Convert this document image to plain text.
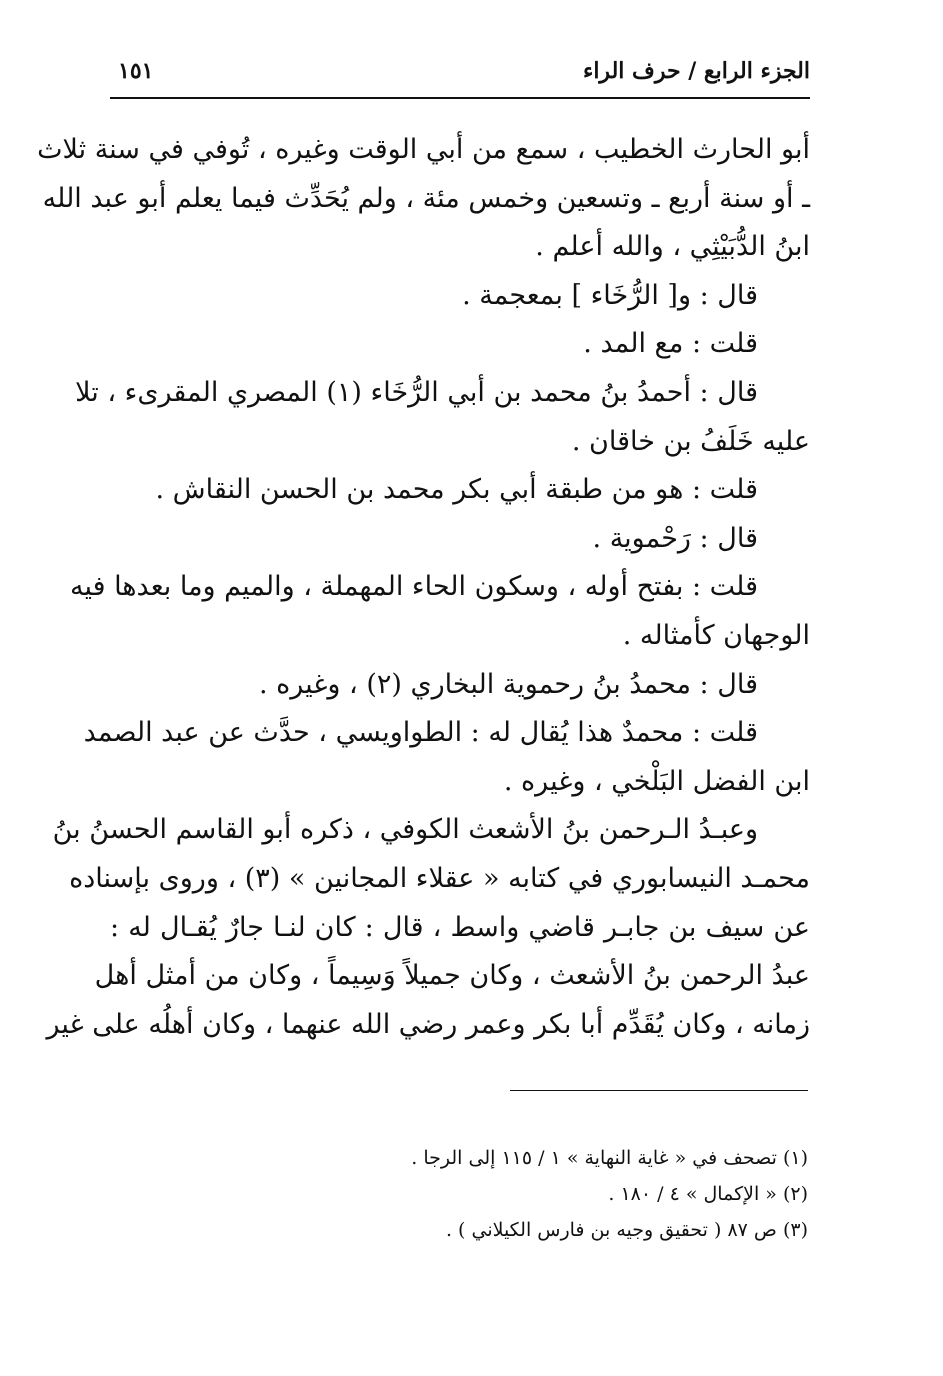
الجزء الرابع / حرف الراء
١٥١
أبو الحارث الخطيب ، سمع من أبي الوقت وغيره ، تُوفي في سنة ثلاث
ـ أو سنة أربع ـ وتسعين وخمس مئة ، ولم يُحَدِّث فيما يعلم أبو عبد الله
ابنُ الدُّبَيْثِي ، والله أعلم .
قال : و[ الرُّخَاء ] بمعجمة .
قلت : مع المد .
قال : أحمدُ بنُ محمد بن أبي الرُّخَاء (١) المصري المقرىء ، تلا
عليه خَلَفُ بن خاقان .
قلت : هو من طبقة أبي بكر محمد بن الحسن النقاش .
قال : رَحْموية .
قلت : بفتح أوله ، وسكون الحاء المهملة ، والميم وما بعدها فيه
الوجهان كأمثاله .
قال : محمدُ بنُ رحموية البخاري (٢) ، وغيره .
قلت : محمدٌ هذا يُقال له : الطواويسي ، حدَّث عن عبد الصمد
ابن الفضل البَلْخي ، وغيره .
وعبـدُ الـرحمن بنُ الأشعث الكوفي ، ذكره أبو القاسم الحسنُ بنُ
محمـد النيسابوري في كتابه « عقلاء المجانين » (٣) ، وروى بإسناده
عن سيف بن جابـر قاضي واسط ، قال : كان لنـا جارٌ يُقـال له :
عبدُ الرحمن بنُ الأشعث ، وكان جميلاً وَسِيماً ، وكان من أمثل أهل
زمانه ، وكان يُقَدِّم أبا بكر وعمر رضي الله عنهما ، وكان أهلُه على غير
(١) تصحف في « غاية النهاية » ١ / ١١٥ إلى الرجا .
(٢) « الإكمال » ٤ / ١٨٠ .
(٣) ص ٨٧ ( تحقيق وجيه بن فارس الكيلاني ) .
